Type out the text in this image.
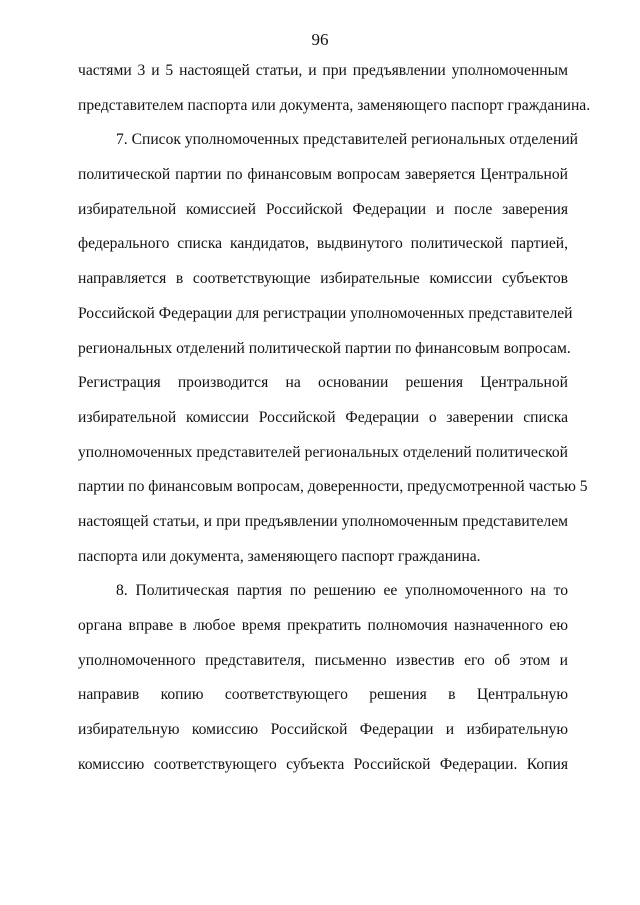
96
частями 3 и 5 настоящей статьи, и при предъявлении уполномоченным
представителем паспорта или документа, заменяющего паспорт гражданина.
7. Список уполномоченных представителей региональных отделений
политической партии по финансовым вопросам заверяется Центральной
избирательной комиссией Российской Федерации и после заверения
федерального списка кандидатов, выдвинутого политической партией,
направляется в соответствующие избирательные комиссии субъектов
Российской Федерации для регистрации уполномоченных представителей
региональных отделений политической партии по финансовым вопросам.
Регистрация производится на основании решения Центральной
избирательной комиссии Российской Федерации о заверении списка
уполномоченных представителей региональных отделений политической
партии по финансовым вопросам, доверенности, предусмотренной частью 5
настоящей статьи, и при предъявлении уполномоченным представителем
паспорта или документа, заменяющего паспорт гражданина.
8. Политическая партия по решению ее уполномоченного на то
органа вправе в любое время прекратить полномочия назначенного ею
уполномоченного представителя, письменно известив его об этом и
направив копию соответствующего решения в Центральную
избирательную комиссию Российской Федерации и избирательную
комиссию соответствующего субъекта Российской Федерации. Копия
